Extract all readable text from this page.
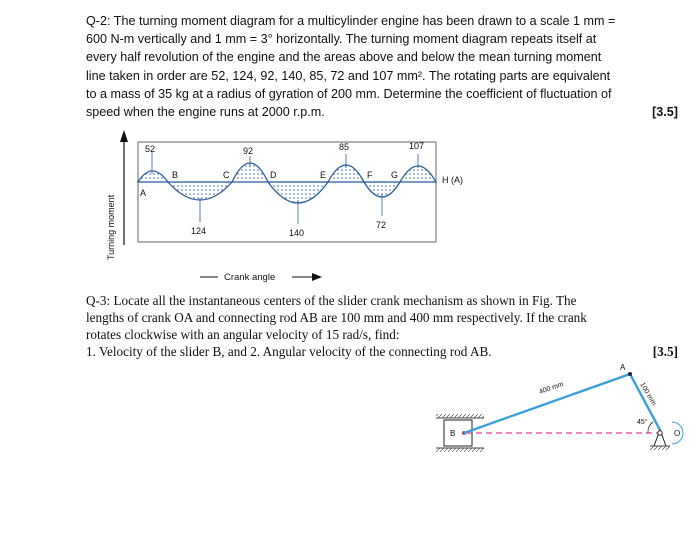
Q-2: The turning moment diagram for a multicylinder engine has been drawn to a scale 1 mm =

600 N-m vertically and 1 mm = 3° horizontally. The turning moment diagram repeats itself at

every half revolution of the engine and the areas above and below the mean turning moment

line taken in order are 52, 124, 92, 140, 85, 72 and 107 mm². The rotating parts are equivalent

to a mass of 35 kg at a radius of gyration of 200 mm. Determine the coefficient of fluctuation of

speed when the engine runs at 2000 r.p.m.	[3.5]

Turning moment
52	92	85	107
124	140
72
A
B	C	D	E	F G	H (A)
Crank angle

Q-3: Locate all the instantaneous centers of the slider crank mechanism as shown in Fig. The

lengths of crank OA and connecting rod AB are 100 mm and 400 mm respectively. If the crank

rotates clockwise with an angular velocity of 15 rad/s, find:

1. Velocity of the slider B, and 2. Angular velocity of the connecting rod AB.	[3.5]

B
400 mm	100 mm
A
45°
O
